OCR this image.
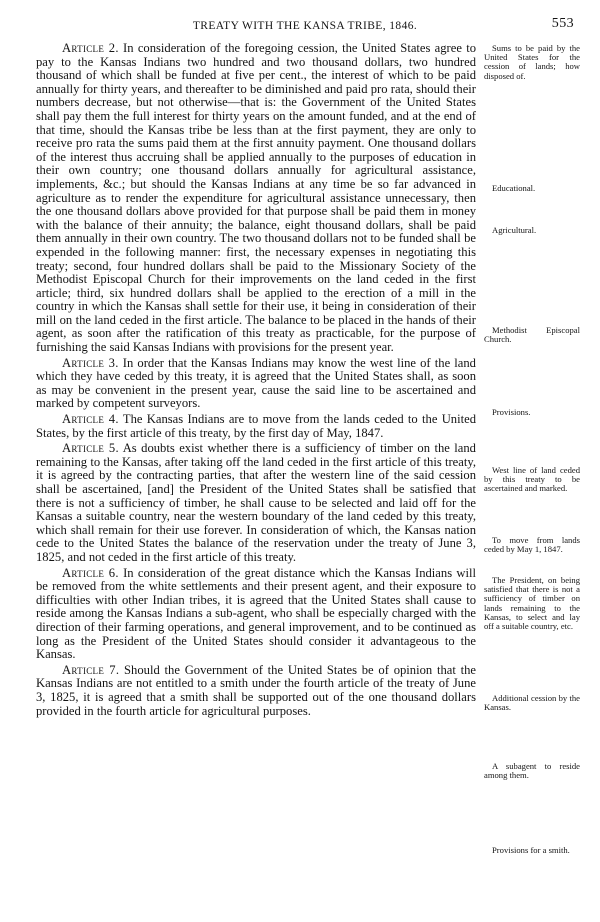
TREATY WITH THE KANSA TRIBE, 1846.	553

Article 2. In consideration of the foregoing cession, the United States agree to pay to the Kansas Indians two hundred and two thousand dollars, two hundred thousand of which shall be funded at five per cent., the interest of which to be paid annually for thirty years, and thereafter to be diminished and paid pro rata, should their numbers decrease, but not otherwise—that is: the Government of the United States shall pay them the full interest for thirty years on the amount funded, and at the end of that time, should the Kansas tribe be less than at the first payment, they are only to receive pro rata the sums paid them at the first annuity payment. One thousand dollars of the interest thus accruing shall be applied annually to the purposes of education in their own country; one thousand dollars annually for agricultural assistance, implements, &c.; but should the Kansas Indians at any time be so far advanced in agriculture as to render the expenditure for agricultural assistance unnecessary, then the one thousand dollars above provided for that purpose shall be paid them in money with the balance of their annuity; the balance, eight thousand dollars, shall be paid them annually in their own country. The two thousand dollars not to be funded shall be expended in the following manner: first, the necessary expenses in negotiating this treaty; second, four hundred dollars shall be paid to the Missionary Society of the Methodist Episcopal Church for their improvements on the land ceded in the first article; third, six hundred dollars shall be applied to the erection of a mill in the country in which the Kansas shall settle for their use, it being in consideration of their mill on the land ceded in the first article. The balance to be placed in the hands of their agent, as soon after the ratification of this treaty as practicable, for the purpose of furnishing the said Kansas Indians with provisions for the present year.

Article 3. In order that the Kansas Indians may know the west line of the land which they have ceded by this treaty, it is agreed that the United States shall, as soon as may be convenient in the present year, cause the said line to be ascertained and marked by competent surveyors.

Article 4. The Kansas Indians are to move from the lands ceded to the United States, by the first article of this treaty, by the first day of May, 1847.

Article 5. As doubts exist whether there is a sufficiency of timber on the land remaining to the Kansas, after taking off the land ceded in the first article of this treaty, it is agreed by the contracting parties, that after the western line of the said cession shall be ascertained, [and] the President of the United States shall be satisfied that there is not a sufficiency of timber, he shall cause to be selected and laid off for the Kansas a suitable country, near the western boundary of the land ceded by this treaty, which shall remain for their use forever. In consideration of which, the Kansas nation cede to the United States the balance of the reservation under the treaty of June 3, 1825, and not ceded in the first article of this treaty.

Article 6. In consideration of the great distance which the Kansas Indians will be removed from the white settlements and their present agent, and their exposure to difficulties with other Indian tribes, it is agreed that the United States shall cause to reside among the Kansas Indians a sub-agent, who shall be especially charged with the direction of their farming operations, and general improvement, and to be continued as long as the President of the United States should consider it advantageous to the Kansas.

Article 7. Should the Government of the United States be of opinion that the Kansas Indians are not entitled to a smith under the fourth article of the treaty of June 3, 1825, it is agreed that a smith shall be supported out of the one thousand dollars provided in the fourth article for agricultural purposes.

Sums to be paid by the United States for the cession of lands; how disposed of.
Educational.
Agricultural.
Methodist Episcopal Church.
Provisions.
West line of land ceded by this treaty to be ascertained and marked.
To move from lands ceded by May 1, 1847.
The President, on being satisfied that there is not a sufficiency of timber on lands remaining to the Kansas, to select and lay off a suitable country, etc.
Additional cession by the Kansas.
A subagent to reside among them.
Provisions for a smith.
